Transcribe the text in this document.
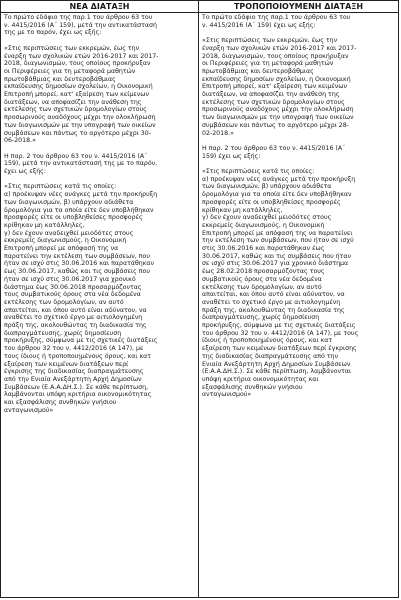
ΝΕΑ ΔΙΑΤΑΞΗ	ΤΡΟΠΟΠΟΙΟΥΜΕΝΗ ΔΙΑΤΑΞΗ

Το πρώτο εδάφιο της παρ.1 του άρθρου 63 του
ν. 4415/2016 (Α΄ 159), μετά την αντικατάστασή
της με το παρόν, έχει ως εξής:

«Στις περιπτώσεις των εκκρεμών, έως την
έναρξη των σχολικών ετών 2016-2017 και 2017-
2018, διαγωνισμών, τους οποίους προκήρυξαν
οι Περιφέρειες για τη μεταφορά μαθητών
πρωτοβάθμιας και δευτεροβάθμιας
εκπαίδευσης δημοσίων σχολείων, η Οικονομική
Επιτροπή μπορεί, κατ' εξαίρεση των κείμενων
διατάξεων, να αποφασίζει την ανάθεση της
εκτέλεσης των σχετικών δρομολογίων στους
προσωρινούς αναδόχους μέχρι την ολοκλήρωση
των διαγωνισμών με την υπογραφή των οικείων
συμβάσεων και πάντως το αργότερο μέχρι 30-
06-2018.»

Η παρ. 2 του άρθρου 63 του ν. 4415/2016 (Α΄
159), μετά την αντικατάστασή της με το παρόν,
έχει ως εξής:

«Στις περιπτώσεις κατά τις οποίες:
α) προέκυψαν νέες ανάγκες μετά την προκήρυξη
των διαγωνισμών, β) υπάρχουν αδιάθετα
δρομολόγια για τα οποία είτε δεν υποβλήθηκαν
προσφορές είτε οι υποβληθείσες προσφορές
κρίθηκαν μη κατάλληλες,
γ) δεν έχουν αναδειχθεί μειοδότες στους
εκκρεμείς διαγωνισμούς, η Οικονομική
Επιτροπή μπορεί με απόφασή της να
παρατείνει την εκτέλεση των συμβάσεων, που
ήταν σε ισχύ στις 30.06.2016 και παρατάθηκαν
έως 30.06.2017, καθώς και τις συμβάσεις που
ήταν σε ισχύ στις 30.06.2017 για χρονικό
διάστημα έως 30.06.2018 προσαρμόζοντας
τους συμβατικούς όρους στα νέα δεδομένα
εκτέλεσης των δρομολογίων, αν αυτό
απαιτείται, και όπου αυτό είναι αδύνατον, να
αναθέτει το σχετικό έργο με αιτιολογημένη
πράξη της, ακολουθώντας τη διαδικασία της
διαπραγμάτευσης, χωρίς δημοσίευση
προκήρυξης, σύμφωνα με τις σχετικές διατάξεις
του άρθρου 32 του ν. 4412/2016 (Α 147), με
τους ίδιους ή τροποποιημένους όρους, και κατ
εξαίρεση των κειμένων διατάξεων περί
έγκρισης της διαδικασίας διαπραγμάτευσης
από την Ενιαία Ανεξάρτητη Αρχή Δημοσίων
Συμβάσεων (Ε.Α.Α.ΔΗ.Σ.). Σε κάθε περίπτωση,
λαμβάνονται υπόψη κριτήρια οικονομικότητας
και εξασφάλισης συνθηκών γνήσιου
ανταγωνισμού»

Το πρώτο εδάφιο της παρ.1 του άρθρου 63 του
ν. 4415/2016 (Α΄ 159) έχει ως εξής:

«Στις περιπτώσεις των εκκρεμών, έως την
έναρξη των σχολικών ετών 2016-2017 και 2017-
2018, διαγωνισμών, τους οποίους προκήρυξαν
οι Περιφέρειες για τη μεταφορά μαθητών
πρωτοβάθμιας και δευτεροβάθμιας
εκπαίδευσης δημοσίων σχολείων, η Οικονομική
Επιτροπή μπορεί, κατ' εξαίρεση των κειμένων
διατάξεων, να αποφασίζει την ανάθεση της
εκτέλεσης των σχετικών δρομολογίων στους
προσωρινούς αναδόχους μέχρι την ολοκλήρωση
των διαγωνισμών με την υπογραφή των οικείων
συμβάσεων και πάντως το αργότερο μέχρι 28-
02-2018.»

Η παρ. 2 του άρθρου 63 του ν. 4415/2016 (Α΄
159) έχει ως εξής:

«Στις περιπτώσεις κατά τις οποίες:
α) προέκυψαν νέες ανάγκες μετά την προκήρυξη
των διαγωνισμών, β) υπάρχουν αδιάθετα
δρομολόγια για τα οποία είτε δεν υποβλήθηκαν
προσφορές είτε οι υποβληθείσες προσφορές
κρίθηκαν μη κατάλληλες,
γ) δεν έχουν αναδειχθεί μειοδότες στους
εκκρεμείς διαγωνισμούς, η Οικονομική
Επιτροπή μπορεί με απόφασή της να παρατείνει
την εκτέλεση των συμβάσεων, που ήταν σε ισχύ
στις 30.06.2016 και παρατάθηκαν έως
30.06.2017, καθώς και τις συμβάσεις που ήταν
σε ισχύ στις 30.06.2017 για χρονικό διάστημα
έως 28.02.2018 προσαρμόζοντας τους
συμβατικούς όρους στα νέα δεδομένα
εκτέλεσης των δρομολογίων, αν αυτό
απαιτείται, και όπου αυτό είναι αδύνατον, να
αναθέτει το σχετικό έργο με αιτιολογημένη
πράξη της, ακολουθώντας τη διαδικασία της
διαπραγμάτευσης, χωρίς δημοσίευση
προκήρυξης, σύμφωνα με τις σχετικές διατάξεις
του άρθρου 32 του ν. 4412/2016 (Α 147), με τους
ίδιους ή τροποποιημένους όρους, και κατ
εξαίρεση των κειμένων διατάξεων περί έγκρισης
της διαδικασίας διαπραγμάτευσης από την
Ενιαία Ανεξάρτητη Αρχή Δημοσίων Συμβάσεων
(Ε.Α.Α.ΔΗ.Σ.). Σε κάθε περίπτωση, λαμβάνονται
υπόψη κριτήρια οικονομικότητας και
εξασφάλισης συνθηκών γνήσιου
ανταγωνισμού»
